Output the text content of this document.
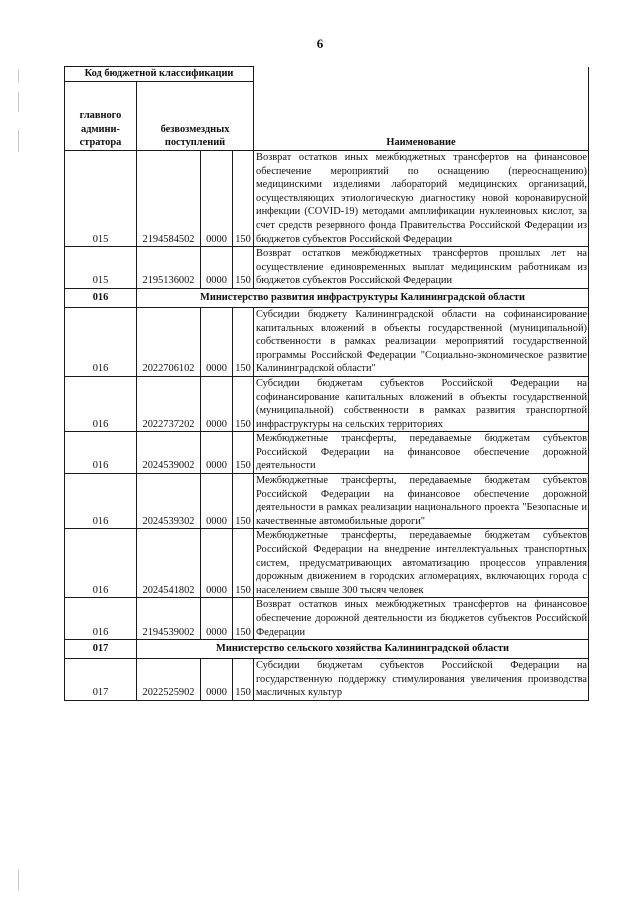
6
Код бюджетной классификации				Наименование

главного
админи-
стратора	безвозмездных
поступлений			

015	2194584502	0000	150	Возврат остатков иных межбюджетных трансфертов на финансовое обеспечение мероприятий по оснащению (переоснащению) медицинскими изделиями лабораторий медицинских организаций, осуществляющих этиологическую диагностику новой коронавирусной инфекции (COVID-19) методами амплификации нуклеиновых кислот, за счет средств резервного фонда Правительства Российской Федерации из бюджетов субъектов Российской Федерации
015	2195136002	0000	150	Возврат остатков межбюджетных трансфертов прошлых лет на осуществление единовременных выплат медицинским работникам из бюджетов субъектов Российской Федерации
016	Министерство развития инфраструктуры Калининградской области			
016	2022706102	0000	150	Субсидии бюджету Калининградской области на софинансирование капитальных вложений в объекты государственной (муниципальной) собственности в рамках реализации мероприятий государственной программы Российской Федерации "Социально-экономическое развитие Калининградской области"
016	2022737202	0000	150	Субсидии бюджетам субъектов Российской Федерации на софинансирование капитальных вложений в объекты государственной (муниципальной) собственности в рамках развития транспортной инфраструктуры на сельских территориях
016	2024539002	0000	150	Межбюджетные трансферты, передаваемые бюджетам субъектов Российской Федерации на финансовое обеспечение дорожной деятельности
016	2024539302	0000	150	Межбюджетные трансферты, передаваемые бюджетам субъектов Российской Федерации на финансовое обеспечение дорожной деятельности в рамках реализации национального проекта "Безопасные и качественные автомобильные дороги"
016	2024541802	0000	150	Межбюджетные трансферты, передаваемые бюджетам субъектов Российской Федерации на внедрение интеллектуальных транспортных систем, предусматривающих автоматизацию процессов управления дорожным движением в городских агломерациях, включающих города с населением свыше 300 тысяч человек
016	2194539002	0000	150	Возврат остатков иных межбюджетных трансфертов на финансовое обеспечение дорожной деятельности из бюджетов субъектов Российской Федерации
017	Министерство сельского хозяйства Калининградской области			
017	2022525902	0000	150	Субсидии бюджетам субъектов Российской Федерации на государственную поддержку стимулирования увеличения производства масличных культур
